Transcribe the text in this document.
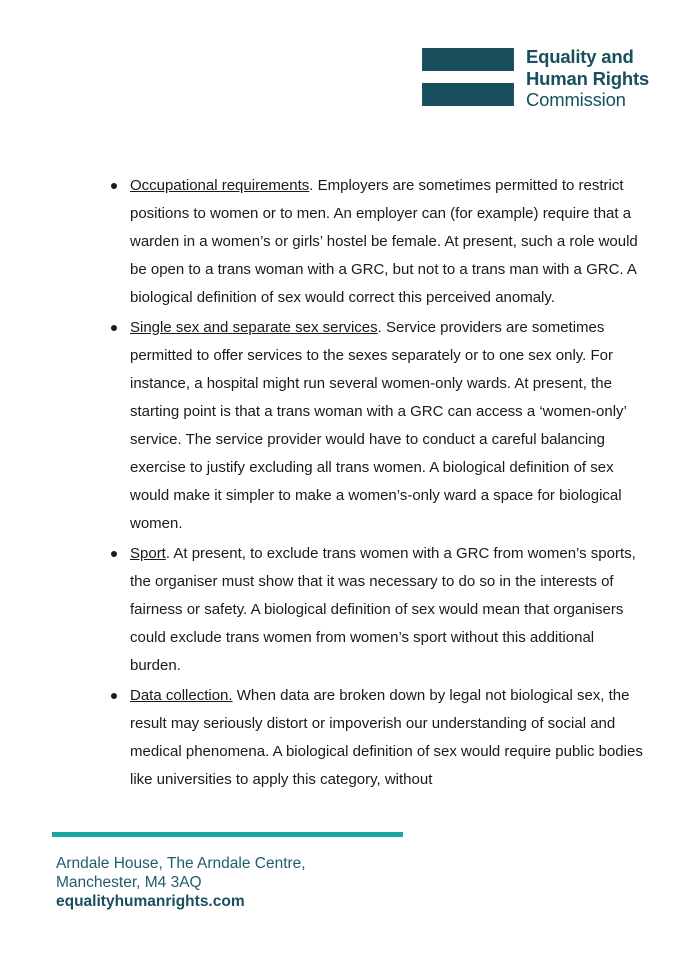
Equality and
Human Rights
Commission
Occupational requirements. Employers are sometimes permitted to restrict positions to women or to men. An employer can (for example) require that a warden in a women’s or girls’ hostel be female. At present, such a role would be open to a trans woman with a GRC, but not to a trans man with a GRC. A biological definition of sex would correct this perceived anomaly.
Single sex and separate sex services. Service providers are sometimes permitted to offer services to the sexes separately or to one sex only. For instance, a hospital might run several women-only wards. At present, the starting point is that a trans woman with a GRC can access a ‘women-only’ service. The service provider would have to conduct a careful balancing exercise to justify excluding all trans women. A biological definition of sex would make it simpler to make a women’s-only ward a space for biological women.
Sport. At present, to exclude trans women with a GRC from women’s sports, the organiser must show that it was necessary to do so in the interests of fairness or safety. A biological definition of sex would mean that organisers could exclude trans women from women’s sport without this additional burden.
Data collection. When data are broken down by legal not biological sex, the result may seriously distort or impoverish our understanding of social and medical phenomena. A biological definition of sex would require public bodies like universities to apply this category, without
Arndale House, The Arndale Centre,
Manchester, M4 3AQ
equalityhumanrights.com
